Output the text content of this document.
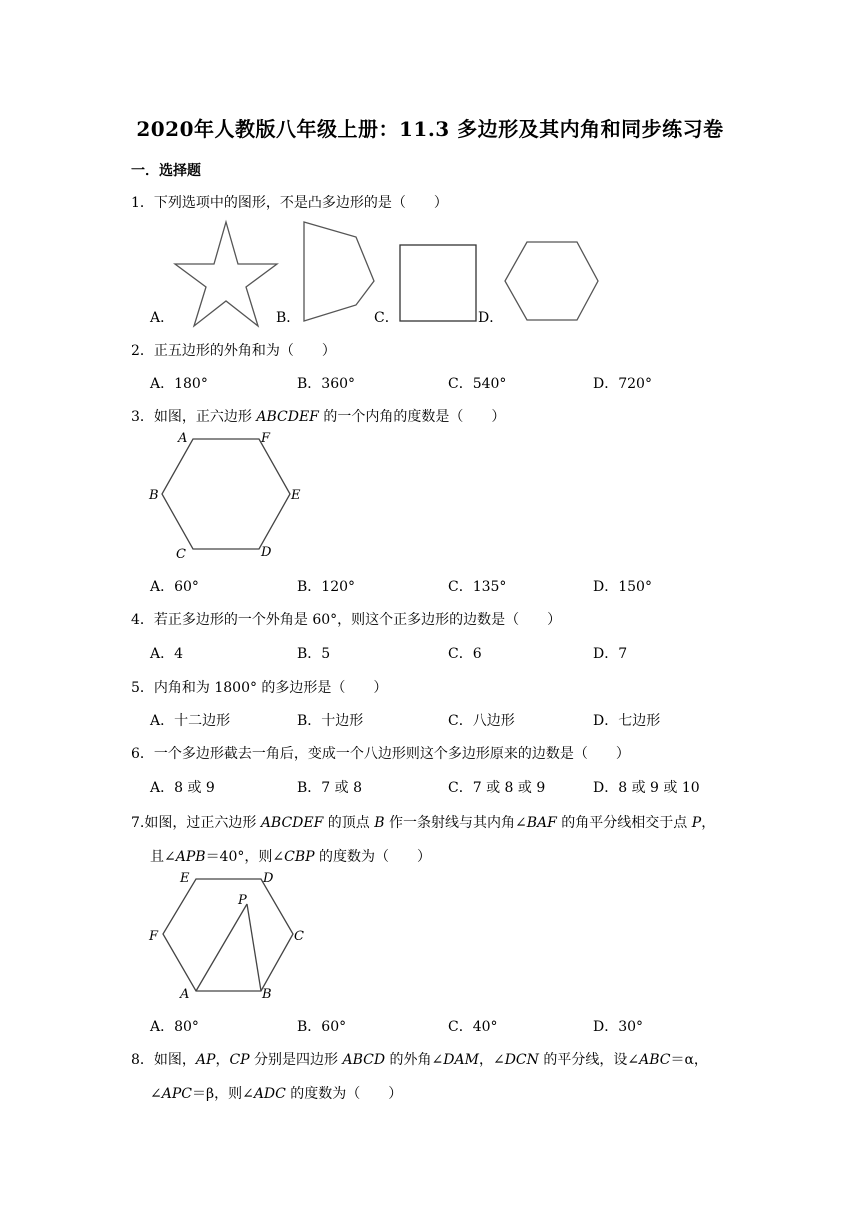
2020年人教版八年级上册：11.3 多边形及其内角和同步练习卷
一．选择题
1．下列选项中的图形，不是凸多边形的是（　　）
A．	B．	C．	D．
2．正五边形的外角和为（　　）
A．180°	B．360°	C．540°	D．720°
3．如图，正六边形 ABCDEF 的一个内角的度数是（　　）
A	F
B	E
C	D
A．60°	B．120°	C．135°	D．150°
4．若正多边形的一个外角是 60°，则这个正多边形的边数是（　　）
A．4	B．5	C．6	D．7
5．内角和为 1800° 的多边形是（　　）
A．十二边形	B．十边形	C．八边形	D．七边形
6．一个多边形截去一角后，变成一个八边形则这个多边形原来的边数是（　　）
A．8 或 9	B．7 或 8	C．7 或 8 或 9	D．8 或 9 或 10
7.如图，过正六边形 ABCDEF 的顶点 B 作一条射线与其内角∠BAF 的角平分线相交于点 P，
且∠APB＝40°，则∠CBP 的度数为（　　）
E	D
P
F	C
A	B
A．80°	B．60°	C．40°	D．30°
8．如图，AP，CP 分别是四边形 ABCD 的外角∠DAM，∠DCN 的平分线，设∠ABC＝α，
∠APC＝β，则∠ADC 的度数为（　　）
